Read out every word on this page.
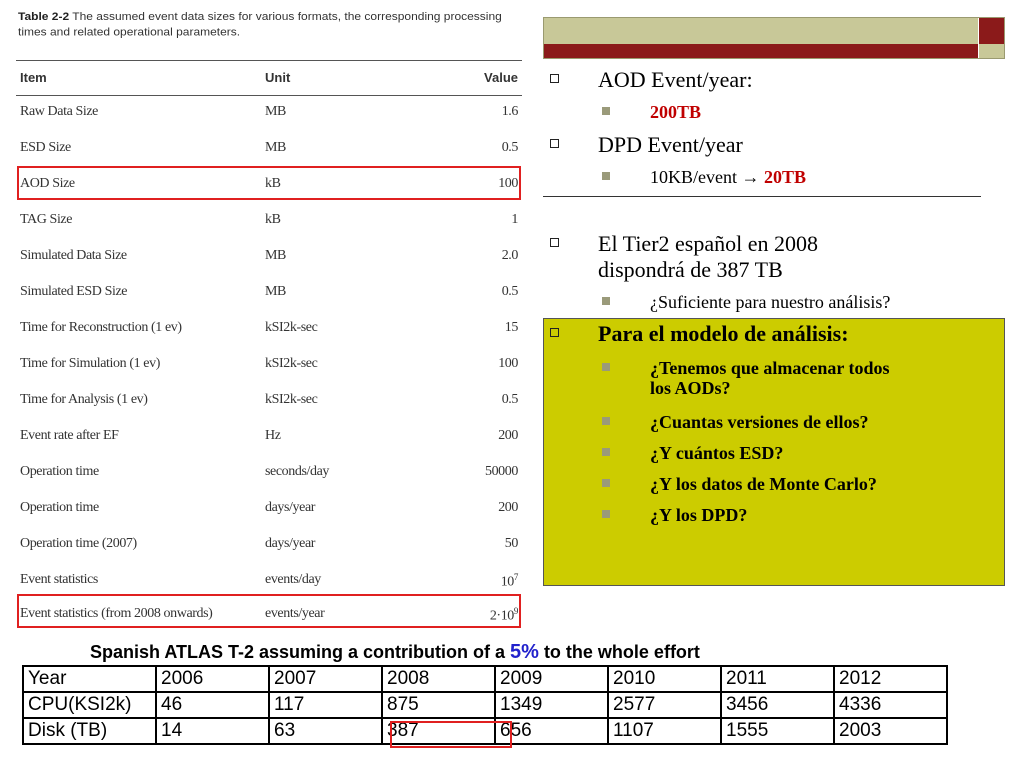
Table 2-2 The assumed event data sizes for various formats, the corresponding processing times and related operational parameters.
Item	Unit	Value
Raw Data Size	MB	1.6
ESD Size	MB	0.5
AOD Size	kB	100
TAG Size	kB	1
Simulated Data Size	MB	2.0
Simulated ESD Size	MB	0.5
Time for Reconstruction (1 ev)	kSI2k-sec	15
Time for Simulation (1 ev)	kSI2k-sec	100
Time for Analysis (1 ev)	kSI2k-sec	0.5
Event rate after EF	Hz	200
Operation time	seconds/day	50000
Operation time	days/year	200
Operation time (2007)	days/year	50
Event statistics	events/day	$10^7$
Event statistics (from 2008 onwards)	events/year	$2\cdot 10^9$
AOD Event/year:
200TB
DPD Event/year
10KB/event → 20TB
El Tier2 español en 2008
dispondrá de 387 TB
¿Suficiente para nuestro análisis?
Para el modelo de análisis:
¿Tenemos que almacenar todos
los AODs?
¿Cuantas versiones de ellos?
¿Y cuántos ESD?
¿Y los datos de Monte Carlo?
¿Y los DPD?
Spanish ATLAS T-2 assuming a contribution of a 5% to the whole effort
Year	2006	2007	2008	2009	2010	2011	2012
CPU(KSI2k)	46	117	875	1349	2577	3456	4336
Disk (TB)	14	63	387	656	1107	1555	2003
